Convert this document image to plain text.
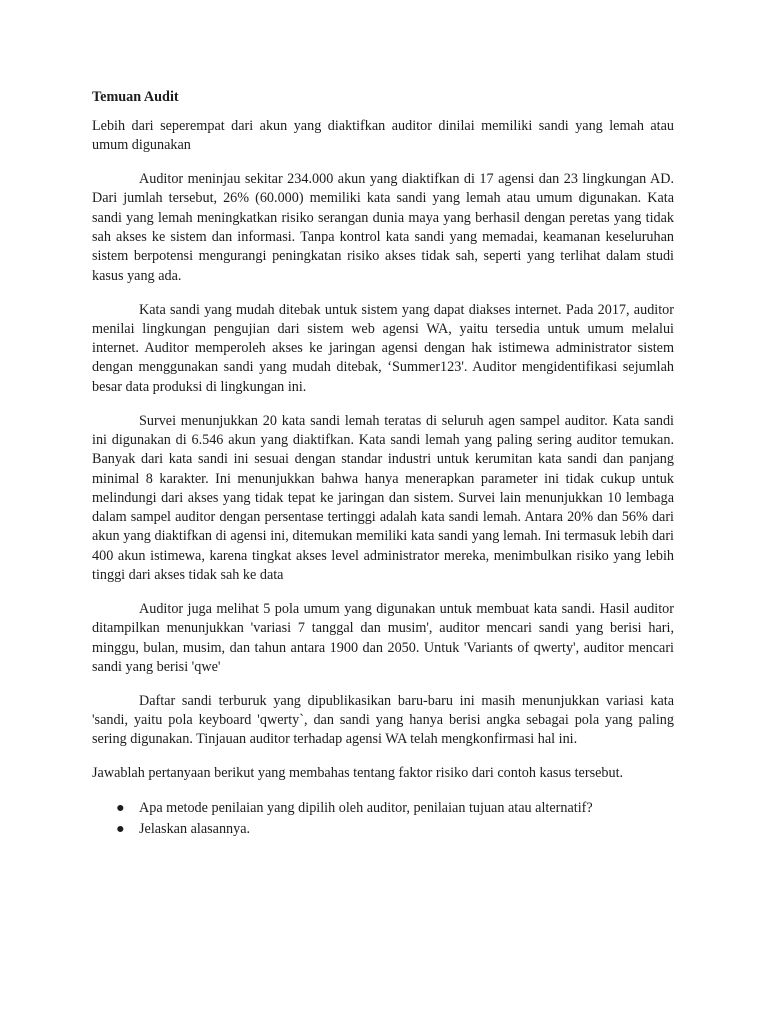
Temuan Audit

Lebih dari seperempat dari akun yang diaktifkan auditor dinilai memiliki sandi yang lemah atau umum digunakan

Auditor meninjau sekitar 234.000 akun yang diaktifkan di 17 agensi dan 23 lingkungan AD. Dari jumlah tersebut, 26% (60.000) memiliki kata sandi yang lemah atau umum digunakan. Kata sandi yang lemah meningkatkan risiko serangan dunia maya yang berhasil dengan peretas yang tidak sah akses ke sistem dan informasi. Tanpa kontrol kata sandi yang memadai, keamanan keseluruhan sistem berpotensi mengurangi peningkatan risiko akses tidak sah, seperti yang terlihat dalam studi kasus yang ada.

Kata sandi yang mudah ditebak untuk sistem yang dapat diakses internet. Pada 2017, auditor menilai lingkungan pengujian dari sistem web agensi WA, yaitu tersedia untuk umum melalui internet. Auditor memperoleh akses ke jaringan agensi dengan hak istimewa administrator sistem dengan menggunakan sandi yang mudah ditebak, ‘Summer123'. Auditor mengidentifikasi sejumlah besar data produksi di lingkungan ini.

Survei menunjukkan 20 kata sandi lemah teratas di seluruh agen sampel auditor. Kata sandi ini digunakan di 6.546 akun yang diaktifkan. Kata sandi lemah yang paling sering auditor temukan. Banyak dari kata sandi ini sesuai dengan standar industri untuk kerumitan kata sandi dan panjang minimal 8 karakter. Ini menunjukkan bahwa hanya menerapkan parameter ini tidak cukup untuk melindungi dari akses yang tidak tepat ke jaringan dan sistem. Survei lain menunjukkan 10 lembaga dalam sampel auditor dengan persentase tertinggi adalah kata sandi lemah. Antara 20% dan 56% dari akun yang diaktifkan di agensi ini, ditemukan memiliki kata sandi yang lemah. Ini termasuk lebih dari 400 akun istimewa, karena tingkat akses level administrator mereka, menimbulkan risiko yang lebih tinggi dari akses tidak sah ke data

Auditor juga melihat 5 pola umum yang digunakan untuk membuat kata sandi. Hasil auditor ditampilkan menunjukkan 'variasi 7 tanggal dan musim', auditor mencari sandi yang berisi hari, minggu, bulan, musim, dan tahun antara 1900 dan 2050. Untuk 'Variants of qwerty', auditor mencari sandi yang berisi 'qwe'

Daftar sandi terburuk yang dipublikasikan baru-baru ini masih menunjukkan variasi kata 'sandi, yaitu pola keyboard 'qwerty`, dan sandi yang hanya berisi angka sebagai pola yang paling sering digunakan. Tinjauan auditor terhadap agensi WA telah mengkonfirmasi hal ini.

Jawablah pertanyaan berikut yang membahas tentang faktor risiko dari contoh kasus tersebut.

● Apa metode penilaian yang dipilih oleh auditor, penilaian tujuan atau alternatif?
● Jelaskan alasannya.
